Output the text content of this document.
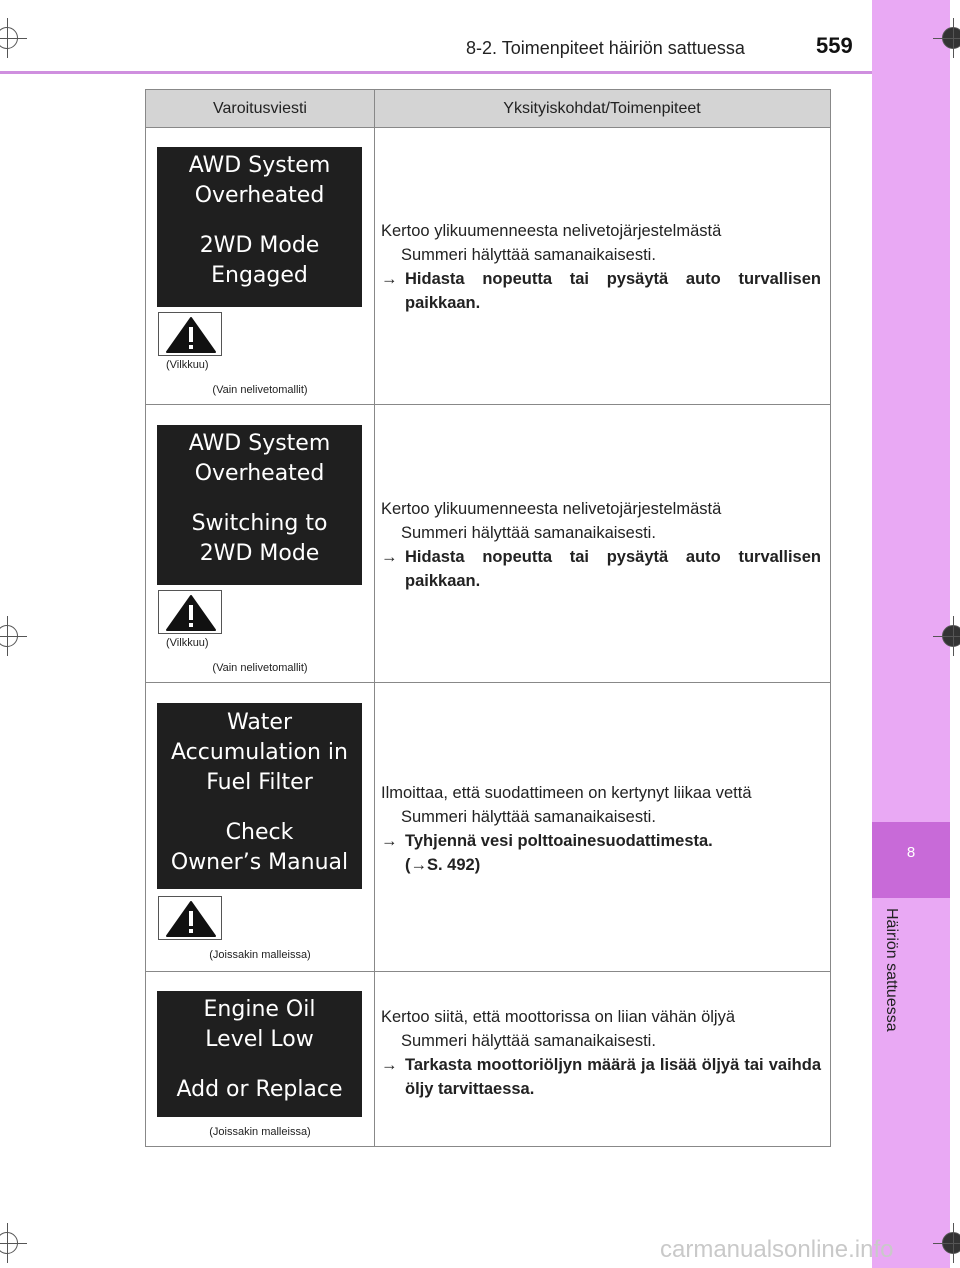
8-2. Toimenpiteet häiriön sattuessa	559
8
Häiriön sattuessa
Varoitusviesti	Yksityiskohdat/Toimenpiteet
AWD System
Overheated
2WD Mode
Engaged
(Vilkkuu)
(Vain nelivetomallit)
Kertoo ylikuumenneesta nelivetojärjestelmästä
Summeri hälyttää samanaikaisesti.
→ Hidasta nopeutta tai pysäytä auto turvallisen paikkaan.
AWD System
Overheated
Switching to
2WD Mode
(Vilkkuu)
(Vain nelivetomallit)
Kertoo ylikuumenneesta nelivetojärjestelmästä
Summeri hälyttää samanaikaisesti.
→ Hidasta nopeutta tai pysäytä auto turvallisen paikkaan.
Water
Accumulation in
Fuel Filter
Check
Owner’s Manual
(Joissakin malleissa)
Ilmoittaa, että suodattimeen on kertynyt liikaa vettä
Summeri hälyttää samanaikaisesti.
→ Tyhjennä vesi polttoainesuodattimesta.
(→S. 492)
Engine Oil
Level Low
Add or Replace
(Joissakin malleissa)
Kertoo siitä, että moottorissa on liian vähän öljyä
Summeri hälyttää samanaikaisesti.
→ Tarkasta moottoriöljyn määrä ja lisää öljyä tai vaihda öljy tarvittaessa.
carmanualsonline.info
